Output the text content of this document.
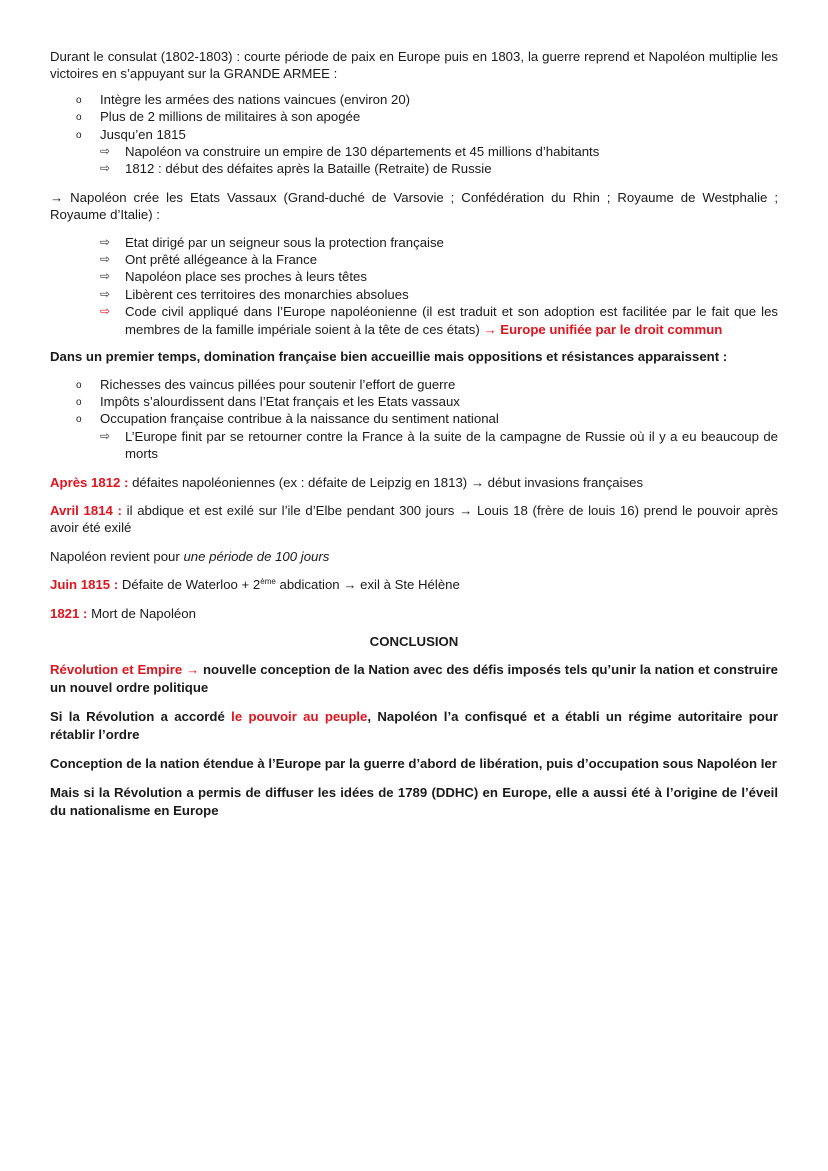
Durant le consulat (1802-1803) : courte période de paix en Europe puis en 1803, la guerre reprend et Napoléon multiplie les victoires en s’appuyant sur la GRANDE ARMEE :

o Intègre les armées des nations vaincues (environ 20)
o Plus de 2 millions de militaires à son apogée
o Jusqu’en 1815
⇨ Napoléon va construire un empire de 130 départements et 45 millions d’habitants
⇨ 1812 : début des défaites après la Bataille (Retraite) de Russie

→ Napoléon crée les Etats Vassaux (Grand-duché de Varsovie ; Confédération du Rhin ; Royaume de Westphalie ; Royaume d’Italie) :

⇨ Etat dirigé par un seigneur sous la protection française
⇨ Ont prêté allégeance à la France
⇨ Napoléon place ses proches à leurs têtes
⇨ Libèrent ces territoires des monarchies absolues
⇨ Code civil appliqué dans l’Europe napoléonienne (il est traduit et son adoption est facilitée par le fait que les membres de la famille impériale soient à la tête de ces états) → Europe unifiée par le droit commun

Dans un premier temps, domination française bien accueillie mais oppositions et résistances apparaissent :

o Richesses des vaincus pillées pour soutenir l’effort de guerre
o Impôts s’alourdissent dans l’Etat français et les Etats vassaux
o Occupation française contribue à la naissance du sentiment national
⇨ L’Europe finit par se retourner contre la France à la suite de la campagne de Russie où il y a eu beaucoup de morts

Après 1812 : défaites napoléoniennes (ex : défaite de Leipzig en 1813) → début invasions françaises

Avril 1814 : il abdique et est exilé sur l’ile d’Elbe pendant 300 jours → Louis 18 (frère de louis 16) prend le pouvoir après avoir été exilé

Napoléon revient pour une période de 100 jours

Juin 1815 : Défaite de Waterloo + 2ème abdication → exil à Ste Hélène

1821 : Mort de Napoléon

CONCLUSION

Révolution et Empire → nouvelle conception de la Nation avec des défis imposés tels qu’unir la nation et construire un nouvel ordre politique

Si la Révolution a accordé le pouvoir au peuple, Napoléon l’a confisqué et a établi un régime autoritaire pour rétablir l’ordre

Conception de la nation étendue à l’Europe par la guerre d’abord de libération, puis d’occupation sous Napoléon Ier

Mais si la Révolution a permis de diffuser les idées de 1789 (DDHC) en Europe, elle a aussi été à l’origine de l’éveil du nationalisme en Europe
